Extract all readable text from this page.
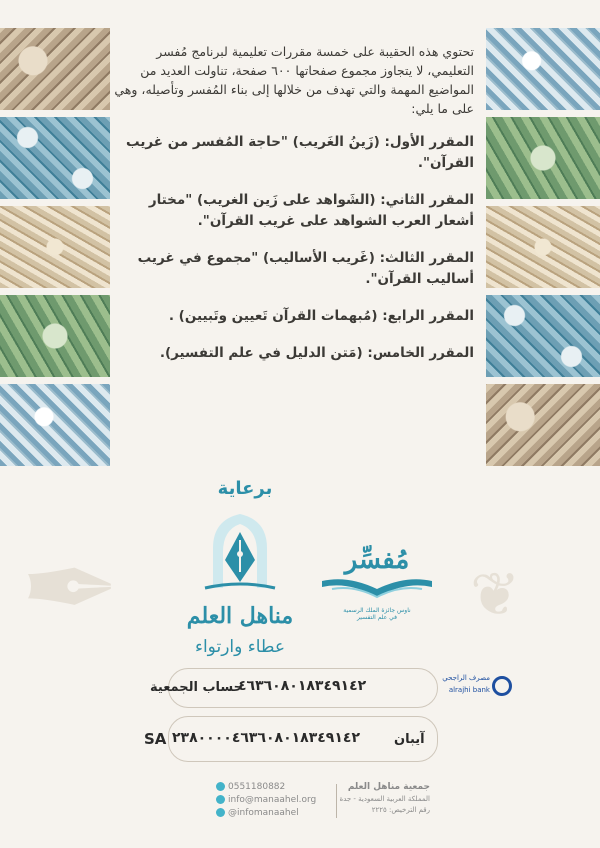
❦
✒

تحتوي هذه الحقيبة على خمسة مقررات تعليمية لبرنامج مُفسر التعليمي، لا يتجاوز مجموع صفحاتها ٦٠٠ صفحة، تناولت العديد من المواضيع المهمة والتي تهدف من خلالها إلى بناء المُفسر وتأصيله، وهي على ما يلي:

المقرر الأول: (زَينُ الغَريب) "حاجة المُفسر من غريب القرآن".

المقرر الثاني: (الشَواهد على زَين الغريب) "مختار أشعار العرب الشواهد على غريب القرآن".

المقرر الثالث: (غَريب الأساليب) "مجموع في غريب أساليب القرآن".

المقرر الرابع: (مُبهمات القرآن تَعيين وتَبيين) .

المقرر الخامس: (مَتن الدليل في علم التفسير).

برعاية
مناهل العلم
عطاء وارتواء
مُفسِّر
ناوس جائزة الملك الرسمية
في علم التفسير
حساب الجمعية
٤٦٣٦٠٨٠١٨٣٤٩١٤٢	مصرف الراجحي
alrajhi bank
SA ٢٣٨٠٠٠٠٤٦٣٦٠٨٠١٨٣٤٩١٤٢	آيبان
0551180882
info@manaahel.org
@infomanaahel
جمعية مناهل العلم
المملكة العربية السعودية - جدة
رقم الترخيص: ٢٢٢٥
